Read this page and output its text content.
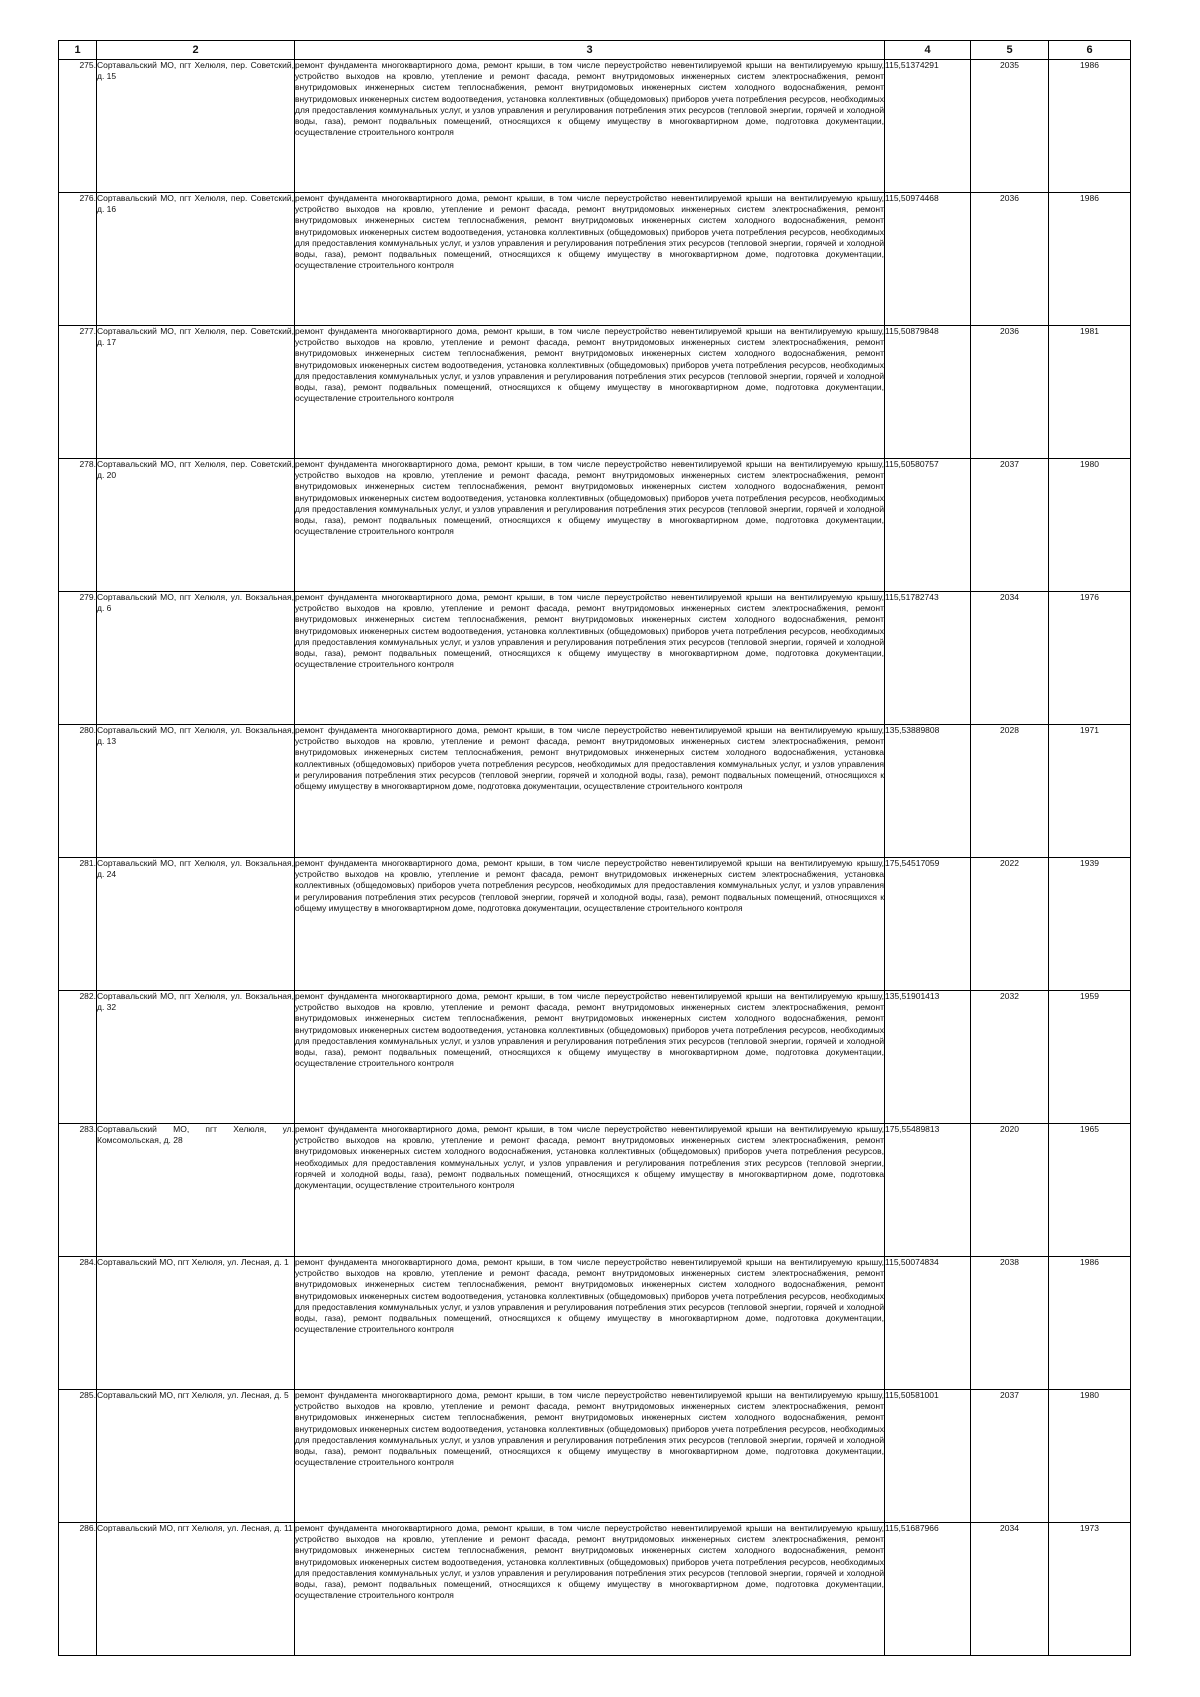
1	2	3	4	5	6
275.	Сортавальский МО, пгт Хелюля, пер. Советский, д. 15	ремонт фундамента многоквартирного дома, ремонт крыши, в том числе переустройство невентилируемой крыши на вентилируемую крышу, устройство выходов на кровлю, утепление и ремонт фасада, ремонт внутридомовых инженерных систем электроснабжения, ремонт внутридомовых инженерных систем теплоснабжения, ремонт внутридомовых инженерных систем холодного водоснабжения, ремонт внутридомовых инженерных систем водоотведения, установка коллективных (общедомовых) приборов учета потребления ресурсов, необходимых для предоставления коммунальных услуг, и узлов управления и регулирования потребления этих ресурсов (тепловой энергии, горячей и холодной воды, газа), ремонт подвальных помещений, относящихся к общему имуществу в многоквартирном доме, подготовка документации, осуществление строительного контроля	115,51374291	2035	1986
276.	Сортавальский МО, пгт Хелюля, пер. Советский, д. 16	ремонт фундамента многоквартирного дома, ремонт крыши, в том числе переустройство невентилируемой крыши на вентилируемую крышу, устройство выходов на кровлю, утепление и ремонт фасада, ремонт внутридомовых инженерных систем электроснабжения, ремонт внутридомовых инженерных систем теплоснабжения, ремонт внутридомовых инженерных систем холодного водоснабжения, ремонт внутридомовых инженерных систем водоотведения, установка коллективных (общедомовых) приборов учета потребления ресурсов, необходимых для предоставления коммунальных услуг, и узлов управления и регулирования потребления этих ресурсов (тепловой энергии, горячей и холодной воды, газа), ремонт подвальных помещений, относящихся к общему имуществу в многоквартирном доме, подготовка документации, осуществление строительного контроля	115,50974468	2036	1986
277.	Сортавальский МО, пгт Хелюля, пер. Советский, д. 17	ремонт фундамента многоквартирного дома, ремонт крыши, в том числе переустройство невентилируемой крыши на вентилируемую крышу, устройство выходов на кровлю, утепление и ремонт фасада, ремонт внутридомовых инженерных систем электроснабжения, ремонт внутридомовых инженерных систем теплоснабжения, ремонт внутридомовых инженерных систем холодного водоснабжения, ремонт внутридомовых инженерных систем водоотведения, установка коллективных (общедомовых) приборов учета потребления ресурсов, необходимых для предоставления коммунальных услуг, и узлов управления и регулирования потребления этих ресурсов (тепловой энергии, горячей и холодной воды, газа), ремонт подвальных помещений, относящихся к общему имуществу в многоквартирном доме, подготовка документации, осуществление строительного контроля	115,50879848	2036	1981
278.	Сортавальский МО, пгт Хелюля, пер. Советский, д. 20	ремонт фундамента многоквартирного дома, ремонт крыши, в том числе переустройство невентилируемой крыши на вентилируемую крышу, устройство выходов на кровлю, утепление и ремонт фасада, ремонт внутридомовых инженерных систем электроснабжения, ремонт внутридомовых инженерных систем теплоснабжения, ремонт внутридомовых инженерных систем холодного водоснабжения, ремонт внутридомовых инженерных систем водоотведения, установка коллективных (общедомовых) приборов учета потребления ресурсов, необходимых для предоставления коммунальных услуг, и узлов управления и регулирования потребления этих ресурсов (тепловой энергии, горячей и холодной воды, газа), ремонт подвальных помещений, относящихся к общему имуществу в многоквартирном доме, подготовка документации, осуществление строительного контроля	115,50580757	2037	1980
279.	Сортавальский МО, пгт Хелюля, ул. Вокзальная, д. 6	ремонт фундамента многоквартирного дома, ремонт крыши, в том числе переустройство невентилируемой крыши на вентилируемую крышу, устройство выходов на кровлю, утепление и ремонт фасада, ремонт внутридомовых инженерных систем электроснабжения, ремонт внутридомовых инженерных систем теплоснабжения, ремонт внутридомовых инженерных систем холодного водоснабжения, ремонт внутридомовых инженерных систем водоотведения, установка коллективных (общедомовых) приборов учета потребления ресурсов, необходимых для предоставления коммунальных услуг, и узлов управления и регулирования потребления этих ресурсов (тепловой энергии, горячей и холодной воды, газа), ремонт подвальных помещений, относящихся к общему имуществу в многоквартирном доме, подготовка документации, осуществление строительного контроля	115,51782743	2034	1976
280.	Сортавальский МО, пгт Хелюля, ул. Вокзальная, д. 13	ремонт фундамента многоквартирного дома, ремонт крыши, в том числе переустройство невентилируемой крыши на вентилируемую крышу, устройство выходов на кровлю, утепление и ремонт фасада, ремонт внутридомовых инженерных систем электроснабжения, ремонт внутридомовых инженерных систем теплоснабжения, ремонт внутридомовых инженерных систем холодного водоснабжения, установка коллективных (общедомовых) приборов учета потребления ресурсов, необходимых для предоставления коммунальных услуг, и узлов управления и регулирования потребления этих ресурсов (тепловой энергии, горячей и холодной воды, газа), ремонт подвальных помещений, относящихся к общему имуществу в многоквартирном доме, подготовка документации, осуществление строительного контроля	135,53889808	2028	1971
281.	Сортавальский МО, пгт Хелюля, ул. Вокзальная, д. 24	ремонт фундамента многоквартирного дома, ремонт крыши, в том числе переустройство невентилируемой крыши на вентилируемую крышу, устройство выходов на кровлю, утепление и ремонт фасада, ремонт внутридомовых инженерных систем электроснабжения, установка коллективных (общедомовых) приборов учета потребления ресурсов, необходимых для предоставления коммунальных услуг, и узлов управления и регулирования потребления этих ресурсов (тепловой энергии, горячей и холодной воды, газа), ремонт подвальных помещений, относящихся к общему имуществу в многоквартирном доме, подготовка документации, осуществление строительного контроля	175,54517059	2022	1939
282.	Сортавальский МО, пгт Хелюля, ул. Вокзальная, д. 32	ремонт фундамента многоквартирного дома, ремонт крыши, в том числе переустройство невентилируемой крыши на вентилируемую крышу, устройство выходов на кровлю, утепление и ремонт фасада, ремонт внутридомовых инженерных систем электроснабжения, ремонт внутридомовых инженерных систем теплоснабжения, ремонт внутридомовых инженерных систем холодного водоснабжения, ремонт внутридомовых инженерных систем водоотведения, установка коллективных (общедомовых) приборов учета потребления ресурсов, необходимых для предоставления коммунальных услуг, и узлов управления и регулирования потребления этих ресурсов (тепловой энергии, горячей и холодной воды, газа), ремонт подвальных помещений, относящихся к общему имуществу в многоквартирном доме, подготовка документации, осуществление строительного контроля	135,51901413	2032	1959
283.	Сортавальский МО, пгт Хелюля, ул. Комсомольская, д. 28	ремонт фундамента многоквартирного дома, ремонт крыши, в том числе переустройство невентилируемой крыши на вентилируемую крышу, устройство выходов на кровлю, утепление и ремонт фасада, ремонт внутридомовых инженерных систем электроснабжения, ремонт внутридомовых инженерных систем холодного водоснабжения, установка коллективных (общедомовых) приборов учета потребления ресурсов, необходимых для предоставления коммунальных услуг, и узлов управления и регулирования потребления этих ресурсов (тепловой энергии, горячей и холодной воды, газа), ремонт подвальных помещений, относящихся к общему имуществу в многоквартирном доме, подготовка документации, осуществление строительного контроля	175,55489813	2020	1965
284.	Сортавальский МО, пгт Хелюля, ул. Лесная, д. 1	ремонт фундамента многоквартирного дома, ремонт крыши, в том числе переустройство невентилируемой крыши на вентилируемую крышу, устройство выходов на кровлю, утепление и ремонт фасада, ремонт внутридомовых инженерных систем электроснабжения, ремонт внутридомовых инженерных систем теплоснабжения, ремонт внутридомовых инженерных систем холодного водоснабжения, ремонт внутридомовых инженерных систем водоотведения, установка коллективных (общедомовых) приборов учета потребления ресурсов, необходимых для предоставления коммунальных услуг, и узлов управления и регулирования потребления этих ресурсов (тепловой энергии, горячей и холодной воды, газа), ремонт подвальных помещений, относящихся к общему имуществу в многоквартирном доме, подготовка документации, осуществление строительного контроля	115,50074834	2038	1986
285.	Сортавальский МО, пгт Хелюля, ул. Лесная, д. 5	ремонт фундамента многоквартирного дома, ремонт крыши, в том числе переустройство невентилируемой крыши на вентилируемую крышу, устройство выходов на кровлю, утепление и ремонт фасада, ремонт внутридомовых инженерных систем электроснабжения, ремонт внутридомовых инженерных систем теплоснабжения, ремонт внутридомовых инженерных систем холодного водоснабжения, ремонт внутридомовых инженерных систем водоотведения, установка коллективных (общедомовых) приборов учета потребления ресурсов, необходимых для предоставления коммунальных услуг, и узлов управления и регулирования потребления этих ресурсов (тепловой энергии, горячей и холодной воды, газа), ремонт подвальных помещений, относящихся к общему имуществу в многоквартирном доме, подготовка документации, осуществление строительного контроля	115,50581001	2037	1980
286.	Сортавальский МО, пгт Хелюля, ул. Лесная, д. 11	ремонт фундамента многоквартирного дома, ремонт крыши, в том числе переустройство невентилируемой крыши на вентилируемую крышу, устройство выходов на кровлю, утепление и ремонт фасада, ремонт внутридомовых инженерных систем электроснабжения, ремонт внутридомовых инженерных систем теплоснабжения, ремонт внутридомовых инженерных систем холодного водоснабжения, ремонт внутридомовых инженерных систем водоотведения, установка коллективных (общедомовых) приборов учета потребления ресурсов, необходимых для предоставления коммунальных услуг, и узлов управления и регулирования потребления этих ресурсов (тепловой энергии, горячей и холодной воды, газа), ремонт подвальных помещений, относящихся к общему имуществу в многоквартирном доме, подготовка документации, осуществление строительного контроля	115,51687966	2034	1973
